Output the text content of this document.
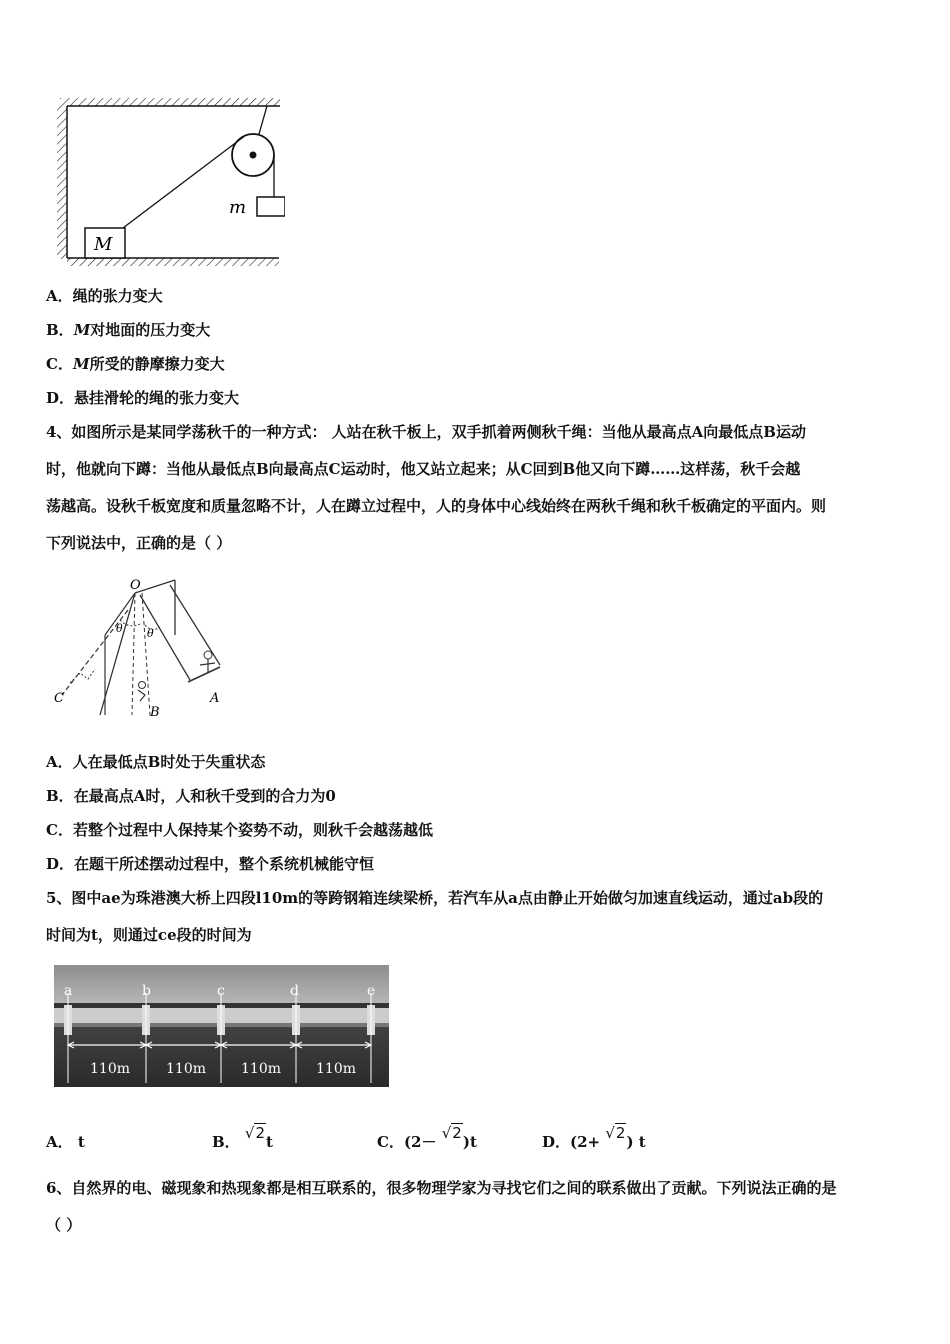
m
M
A．绳的张力变大
B．M对地面的压力变大
C．M所受的静摩擦力变大
D．悬挂滑轮的绳的张力变大

4、如图所示是某同学荡秋千的一种方式： 人站在秋千板上，双手抓着两侧秋千绳：当他从最高点A向最低点B运动

时，他就向下蹲：当他从最低点B向最高点C运动时，他又站立起来；从C回到B他又向下蹲……这样荡，秋千会越

荡越高。设秋千板宽度和质量忽略不计，人在蹲立过程中，人的身体中心线始终在两秋千绳和秋千板确定的平面内。则

下列说法中，正确的是（ ）

O
θ θ
A
B
C
A．人在最低点B时处于失重状态
B．在最高点A时，人和秋千受到的合力为0
C．若整个过程中人保持某个姿势不动，则秋千会越荡越低
D．在题干所述摆动过程中，整个系统机械能守恒

5、图中ae为珠港澳大桥上四段l10m的等跨钢箱连续梁桥，若汽车从a点由静止开始做匀加速直线运动，通过ab段的

时间为t，则通过ce段的时间为

a	b	c	d	e
110m	110m	110m	110m
A． t	B． √2t	C．(2－ √2)t	D．(2+ √2) t

6、自然界的电、磁现象和热现象都是相互联系的，很多物理学家为寻找它们之间的联系做出了贡献。下列说法正确的是

（ ）
